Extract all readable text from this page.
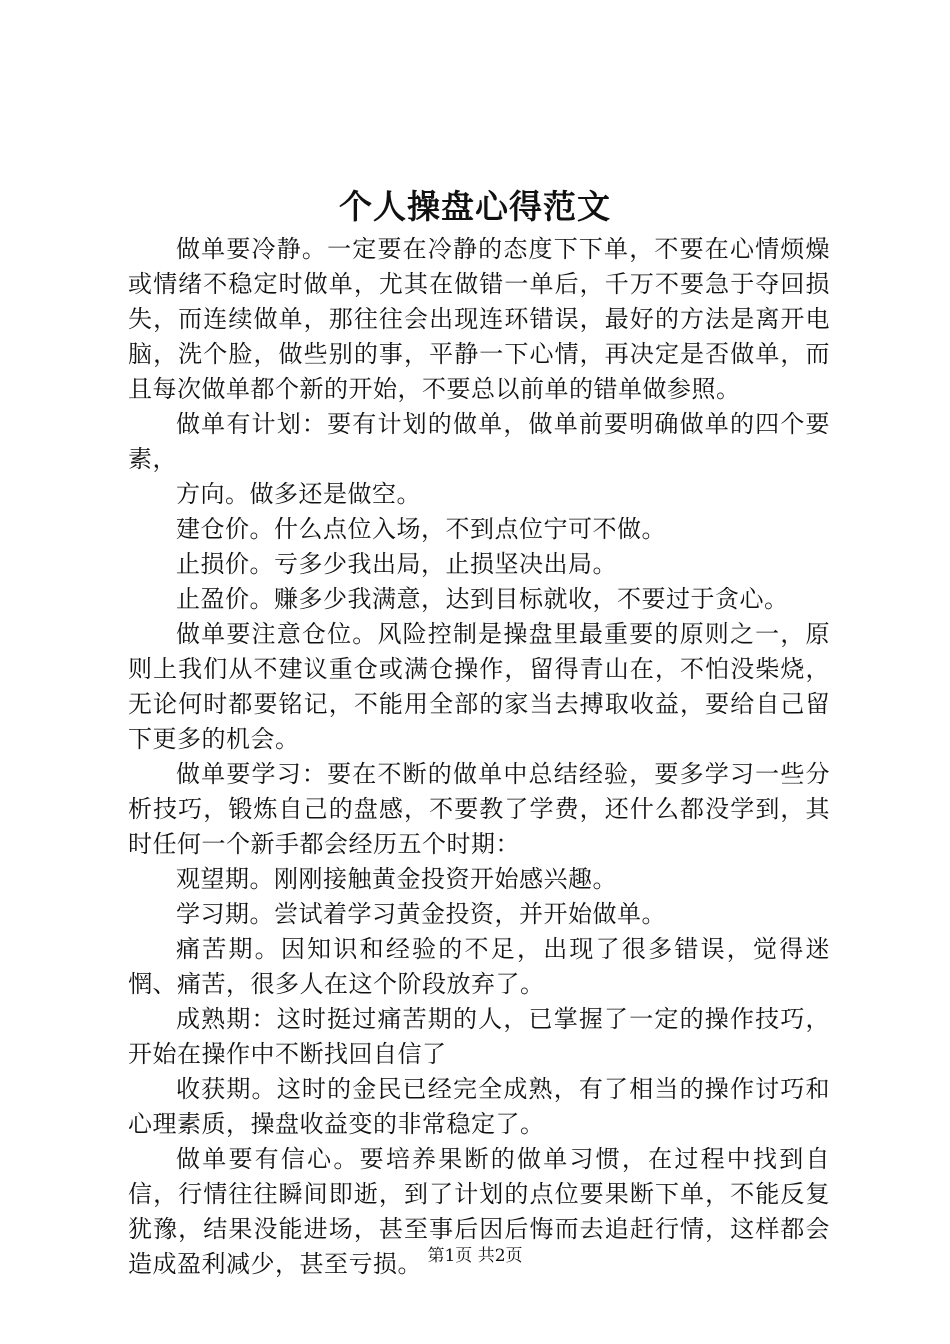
个人操盘心得范文

做单要冷静。一定要在冷静的态度下下单，不要在心情烦燥或情绪不稳定时做单，尤其在做错一单后，千万不要急于夺回损失，而连续做单，那往往会出现连环错误，最好的方法是离开电脑，洗个脸，做些别的事，平静一下心情，再决定是否做单，而且每次做单都个新的开始，不要总以前单的错单做参照。

做单有计划：要有计划的做单，做单前要明确做单的四个要素，

方向。做多还是做空。

建仓价。什么点位入场，不到点位宁可不做。

止损价。亏多少我出局，止损坚决出局。

止盈价。赚多少我满意，达到目标就收，不要过于贪心。

做单要注意仓位。风险控制是操盘里最重要的原则之一，原则上我们从不建议重仓或满仓操作，留得青山在，不怕没柴烧，无论何时都要铭记，不能用全部的家当去搏取收益，要给自己留下更多的机会。

做单要学习：要在不断的做单中总结经验，要多学习一些分析技巧，锻炼自己的盘感，不要教了学费，还什么都没学到，其时任何一个新手都会经历五个时期：

观望期。刚刚接触黄金投资开始感兴趣。

学习期。尝试着学习黄金投资，并开始做单。

痛苦期。因知识和经验的不足，出现了很多错误，觉得迷惘、痛苦，很多人在这个阶段放弃了。

成熟期：这时挺过痛苦期的人，已掌握了一定的操作技巧，开始在操作中不断找回自信了

收获期。这时的金民已经完全成熟，有了相当的操作讨巧和心理素质，操盘收益变的非常稳定了。

做单要有信心。要培养果断的做单习惯，在过程中找到自信，行情往往瞬间即逝，到了计划的点位要果断下单，不能反复犹豫，结果没能进场，甚至事后因后悔而去追赶行情，这样都会造成盈利减少，甚至亏损。 第1页 共2页
